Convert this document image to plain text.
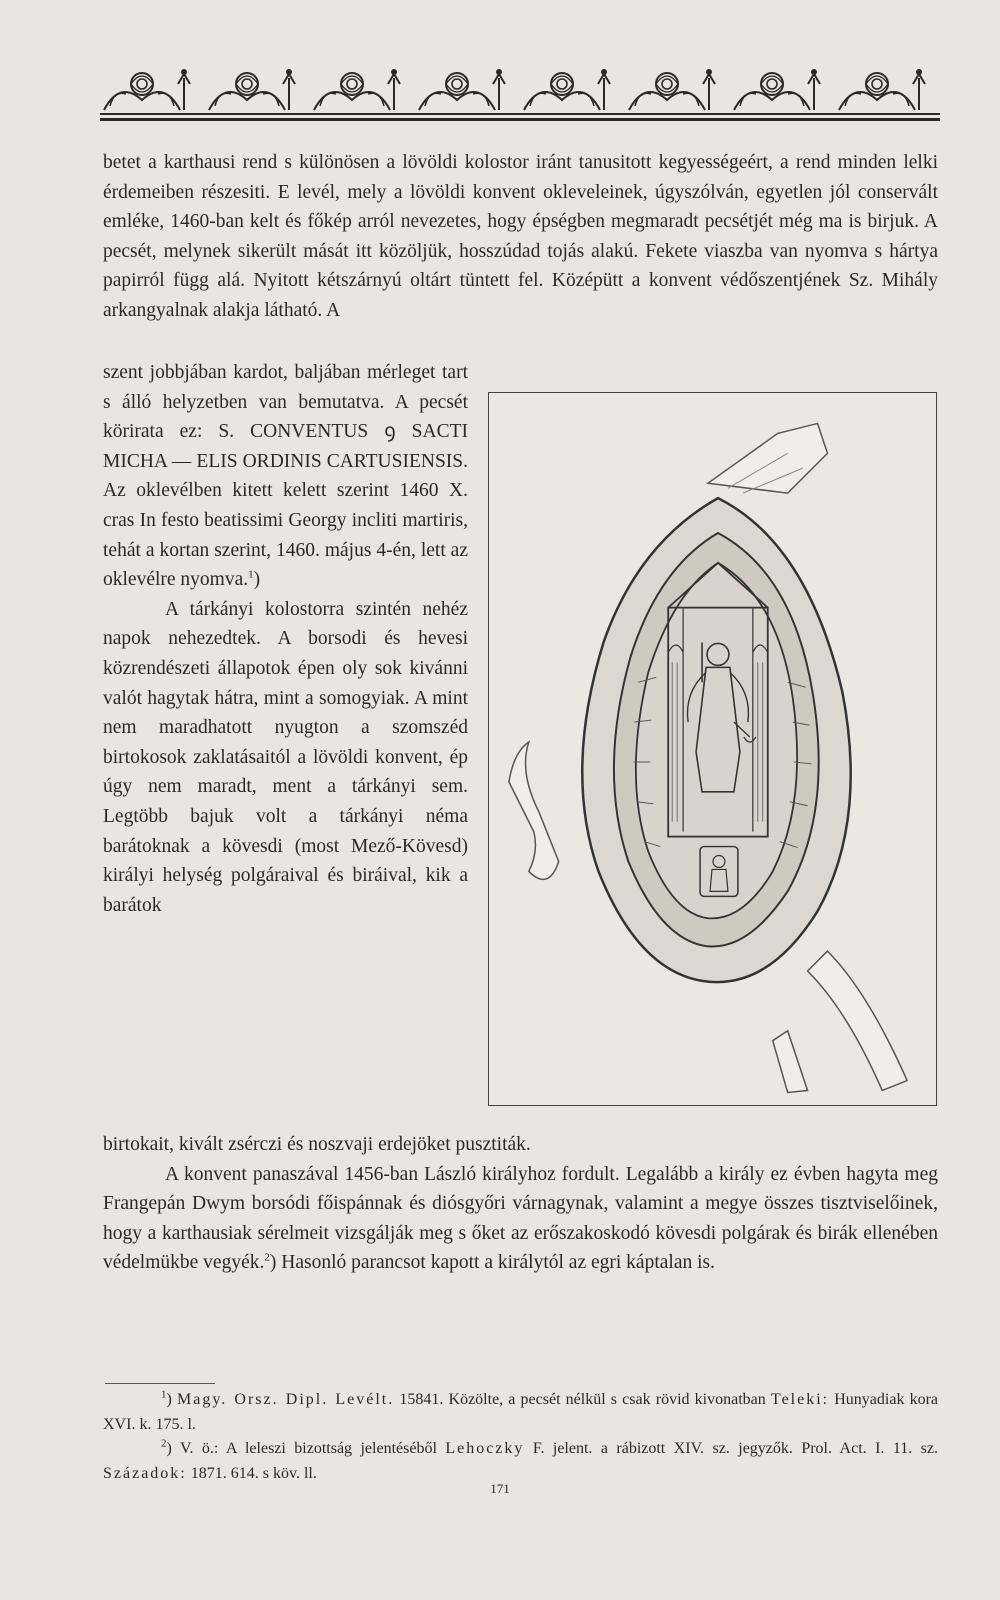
betet a karthausi rend s különösen a lövöldi kolostor iránt tanusitott kegyességeért, a rend minden lelki érdemeiben részesiti. E levél, mely a lövöldi konvent okleveleinek, úgyszólván, egyetlen jól conservált emléke, 1460-ban kelt és főkép arról nevezetes, hogy épségben megmaradt pecsétjét még ma is birjuk. A pecsét, melynek sikerült mását itt közöljük, hosszúdad tojás alakú. Fekete viaszba van nyomva s hártya papirról függ alá. Nyitott kétszárnyú oltárt tüntett fel. Középütt a konvent védőszentjének Sz. Mihály arkangyalnak alakja látható. A

szent jobbjában kardot, baljában mérleget tart s álló helyzetben van bemutatva. A pecsét körirata ez: S. CONVENTUS ꝯ SACTI MICHA — ELIS ORDINIS CARTUSIENSIS. Az oklevélben kitett kelett szerint 1460 X. cras In festo beatissimi Georgy incliti martiris, tehát a kortan szerint, 1460. május 4-én, lett az oklevélre nyomva.$^1$)
A tárkányi kolostorra szintén nehéz napok nehezedtek. A borsodi és hevesi közrendészeti állapotok épen oly sok kivánni valót hagytak hátra, mint a somogyiak. A mint nem maradhatott nyugton a szomszéd birtokosok zaklatásaitól a lövöldi konvent, ép úgy nem maradt, ment a tárkányi sem. Legtöbb bajuk volt a tárkányi néma barátoknak a kövesdi (most Mező-Kövesd) királyi helység polgáraival és biráival, kik a barátok
birtokait, kivált zsérczi és noszvaji erdejöket pusztiták.
A konvent panaszával 1456-ban László királyhoz fordult. Legalább a király ez évben hagyta meg Frangepán Dwym borsódi főispánnak és diósgyőri várnagynak, valamint a megye összes tisztviselőinek, hogy a karthausiak sérelmeit vizsgálják meg s őket az erőszakoskodó kövesdi polgárak és birák ellenében védelmükbe vegyék.$^2$) Hasonló parancsot kapott a királytól az egri káptalan is.

$^1$) Magy. Orsz. Dipl. Levélt. 15841. Közölte, a pecsét nélkül s csak rövid kivonatban Teleki: Hunyadiak kora XVI. k. 175. l.

$^2$) V. ö.: A leleszi bizottság jelentéséből Lehoczky F. jelent. a rábizott XIV. sz. jegyzők. Prol. Act. I. 11. sz. Századok: 1871. 614. s köv. ll.

171
